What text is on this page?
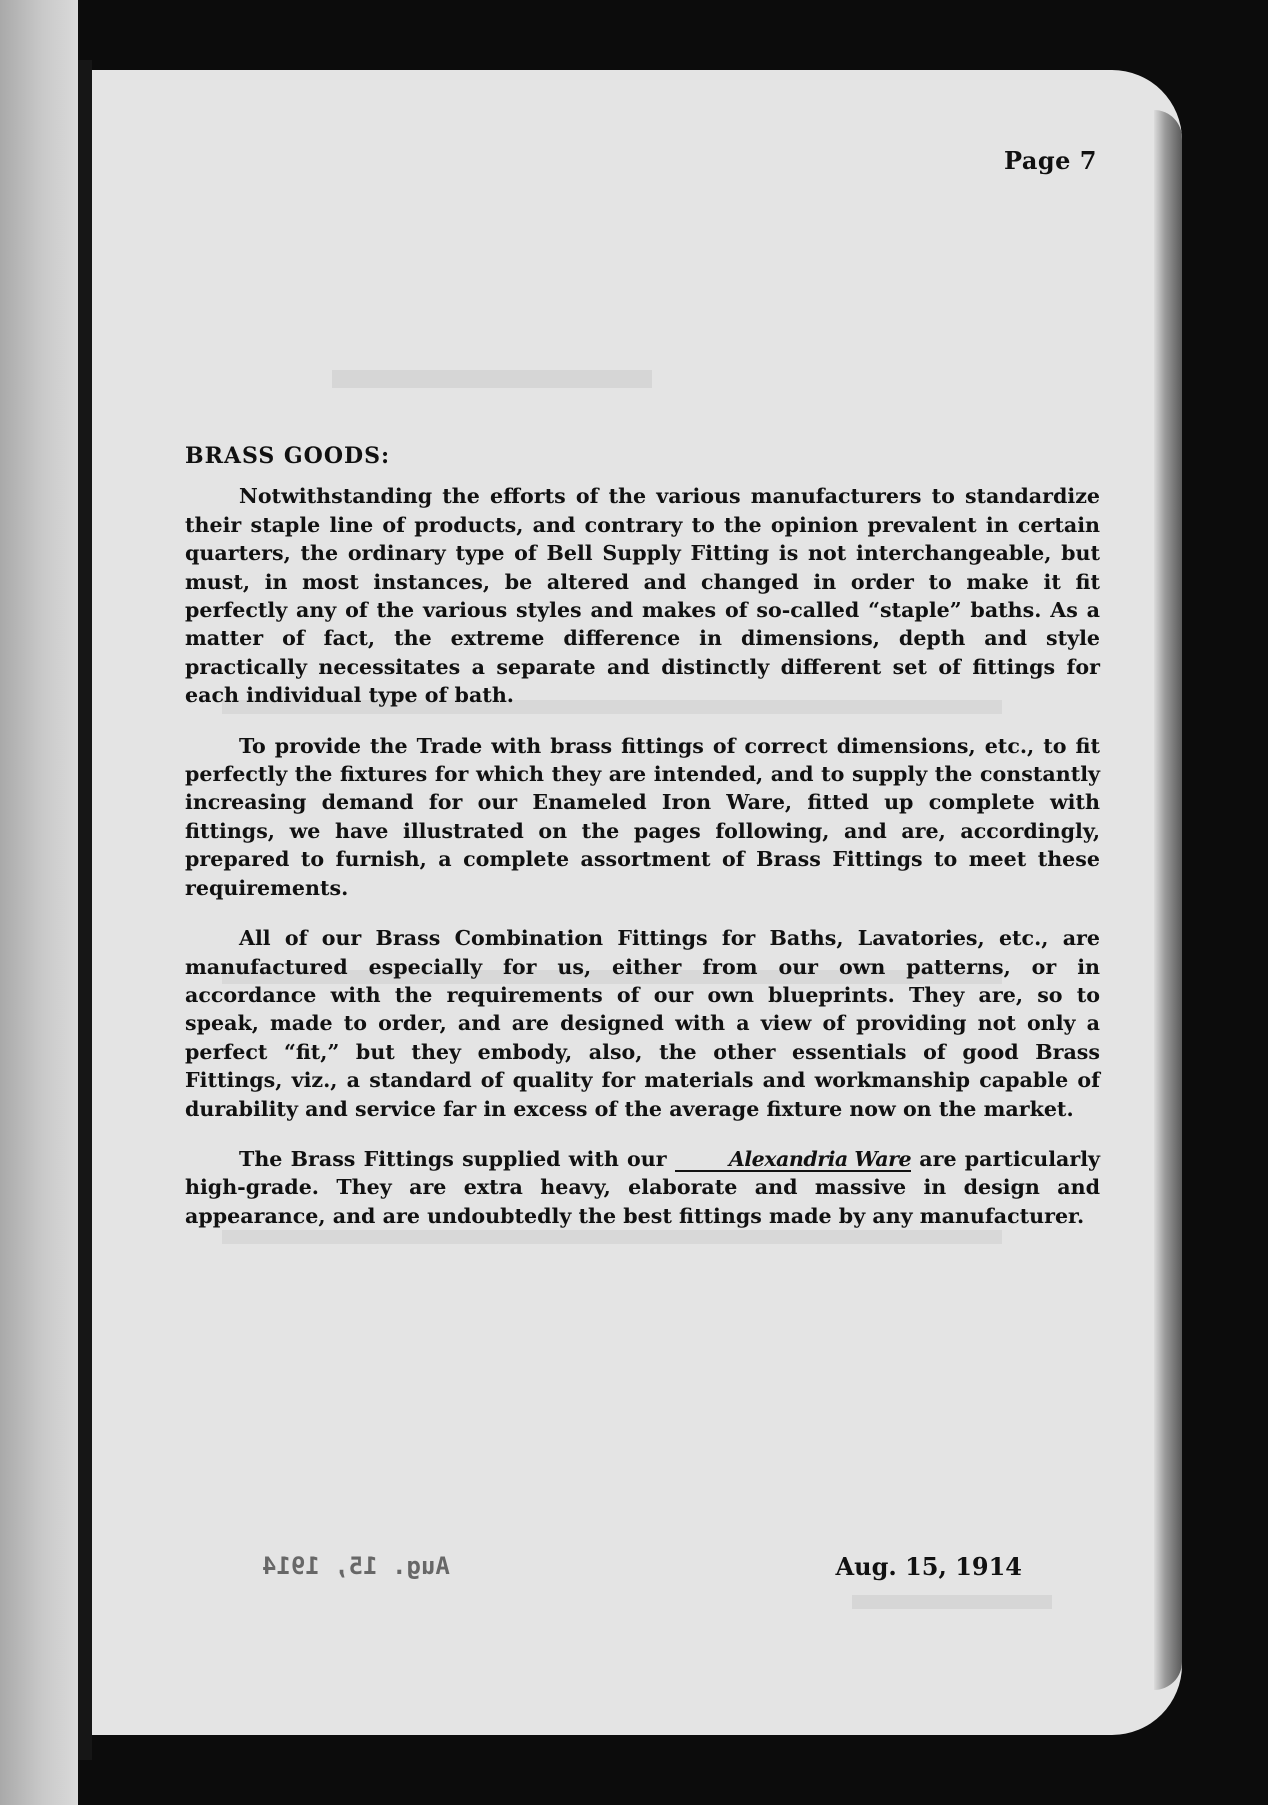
Page 7
BRASS GOODS:

Notwithstanding the efforts of the various manufacturers to standardize their staple line of products, and contrary to the opinion prevalent in certain quarters, the ordinary type of Bell Supply Fitting is not interchangeable, but must, in most instances, be altered and changed in order to make it fit perfectly any of the various styles and makes of so-called “staple” baths. As a matter of fact, the extreme difference in dimensions, depth and style practically necessitates a separate and distinctly different set of fittings for each individual type of bath.

To provide the Trade with brass fittings of correct dimensions, etc., to fit perfectly the fixtures for which they are intended, and to supply the constantly increasing demand for our Enameled Iron Ware, fitted up complete with fittings, we have illustrated on the pages following, and are, accordingly, prepared to furnish, a complete assortment of Brass Fittings to meet these requirements.

All of our Brass Combination Fittings for Baths, Lavatories, etc., are manufactured especially for us, either from our own patterns, or in accordance with the requirements of our own blueprints. They are, so to speak, made to order, and are designed with a view of providing not only a perfect “fit,” but they embody, also, the other essentials of good Brass Fittings, viz., a standard of quality for materials and workmanship capable of durability and service far in excess of the average fixture now on the market.

The Brass Fittings supplied with our	Alexandria Ware are particularly high-grade. They are extra heavy, elaborate and massive in design and appearance, and are undoubtedly the best fittings made by any manufacturer.

Aug. 15, 1914	Aug. 15, 1914
